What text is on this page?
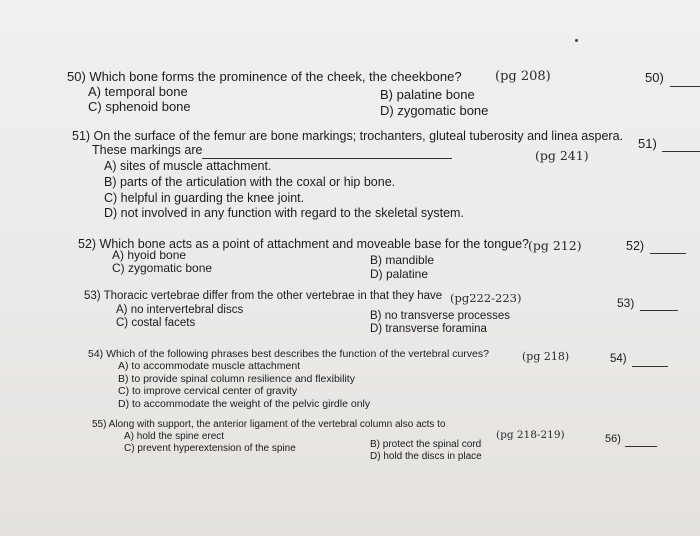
50) Which bone forms the prominence of the cheek, the cheekbone?	(pg 208)	50)
A) temporal bone	B) palatine bone
C) sphenoid bone	D) zygomatic bone
51) On the surface of the femur are bone markings; trochanters, gluteal tuberosity and linea aspera. 51)
These markings are	(pg 241)
A) sites of muscle attachment.
B) parts of the articulation with the coxal or hip bone.
C) helpful in guarding the knee joint.
D) not involved in any function with regard to the skeletal system.
52) Which bone acts as a point of attachment and moveable base for the tongue? (pg 212)	52)
A) hyoid bone	B) mandible
C) zygomatic bone	D) palatine
53) Thoracic vertebrae differ from the other vertebrae in that they have (pg222-223)	53)
A) no intervertebral discs	B) no transverse processes
C) costal facets	D) transverse foramina
54) Which of the following phrases best describes the function of the vertebral curves?	(pg 218)	54)
A) to accommodate muscle attachment
B) to provide spinal column resilience and flexibility
C) to improve cervical center of gravity
D) to accommodate the weight of the pelvic girdle only
55) Along with support, the anterior ligament of the vertebral column also acts to
(pg 218-219)	56)
A) hold the spine erect
B) protect the spinal cord
C) prevent hyperextension of the spine
D) hold the discs in place
